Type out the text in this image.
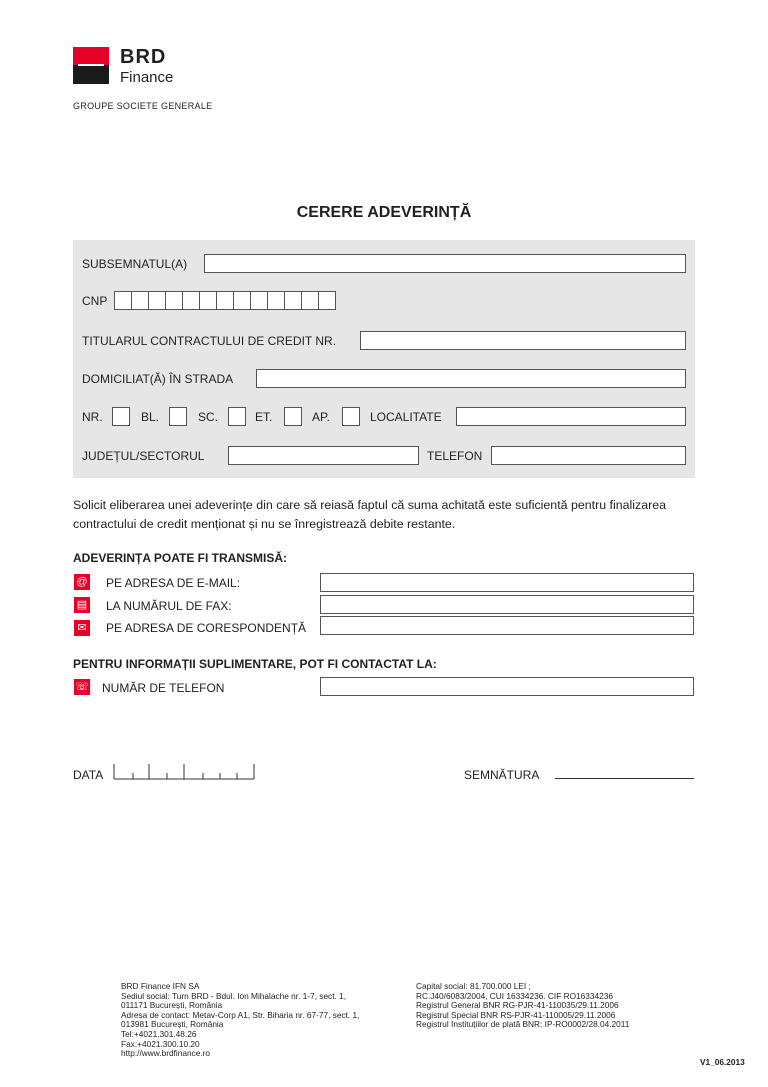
BRD
Finance
GROUPE SOCIETE GENERALE
CERERE ADEVERINȚĂ
SUBSEMNATUL(A)
CNP
TITULARUL CONTRACTULUI DE CREDIT NR.
DOMICILIAT(Ă) ÎN STRADA
NR.	BL.	SC.	ET.	AP.	LOCALITATE
JUDEȚUL/SECTORUL	TELEFON
Solicit eliberarea unei adeverințe din care să reiasă faptul că suma achitată este suficientă pentru finalizarea contractului de credit menționat și nu se înregistrează debite restante.
ADEVERINȚA POATE FI TRANSMISĂ:
@ PE ADRESA DE E-MAIL:
▤ LA NUMĂRUL DE FAX:
✉ PE ADRESA DE CORESPONDENȚĂ
PENTRU INFORMAȚII SUPLIMENTARE, POT FI CONTACTAT LA:
☏ NUMĂR DE TELEFON
DATA	SEMNĂTURA
BRD Finance IFN SA
Sediul social: Turn BRD - Bdul. Ion Mihalache nr. 1-7, sect. 1,
011171 București, România
Adresa de contact: Metav-Corp A1, Str. Biharia nr. 67-77, sect. 1,
013981 București, România
Tel:+4021.301.48.26
Fax:+4021.300.10.20
http://www.brdfinance.ro
Capital social: 81.700.000 LEI ;
RC.J40/6083/2004, CUI 16334236. CIF RO16334236
Registrul General BNR RG-PJR-41-110035/29.11.2006
Registrul Special BNR RS-PJR-41-110005/29.11.2006
Registrul Instituțiilor de plată BNR: IP-RO0002/28.04.2011
V1_06.2013
